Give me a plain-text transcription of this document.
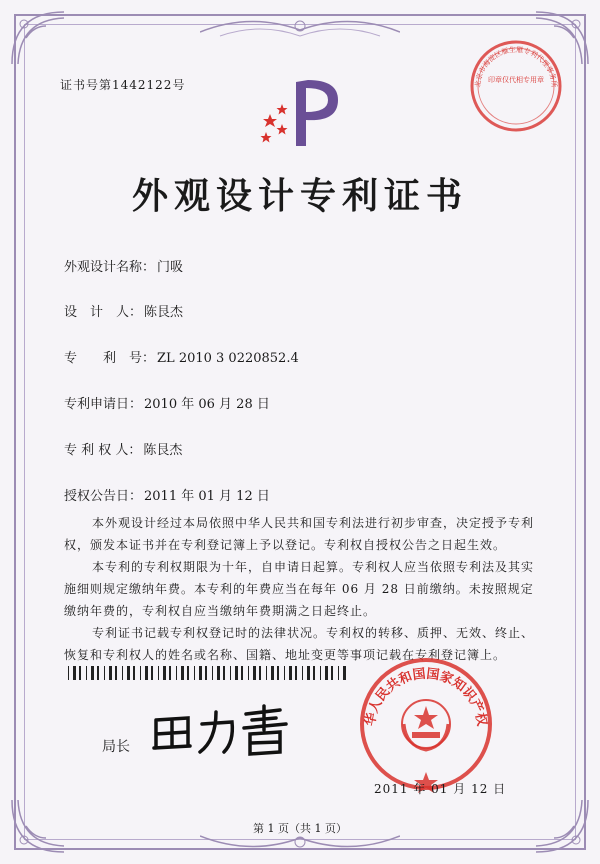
证书号第1442122号	印章仅代相专用章
北京市海淀区雁生雁专利代理事务所
外观设计专利证书
外观设计名称： 门吸
设　计　人： 陈艮杰
专　　利　号： ZL 2010 3 0220852.4
专利申请日： 2010 年 06 月 28 日
专 利 权 人： 陈艮杰
授权公告日： 2011 年 01 月 12 日

本外观设计经过本局依照中华人民共和国专利法进行初步审查，决定授予专利权，颁发本证书并在专利登记簿上予以登记。专利权自授权公告之日起生效。

本专利的专利权期限为十年，自申请日起算。专利权人应当依照专利法及其实施细则规定缴纳年费。本专利的年费应当在每年 06 月 28 日前缴纳。未按照规定缴纳年费的，专利权自应当缴纳年费期满之日起终止。

专利证书记载专利权登记时的法律状况。专利权的转移、质押、无效、终止、恢复和专利权人的姓名或名称、国籍、地址变更等事项记载在专利登记簿上。

局长
华人民共和国国家知识产权
2011 年 01 月 12 日
第 1 页（共 1 页）
